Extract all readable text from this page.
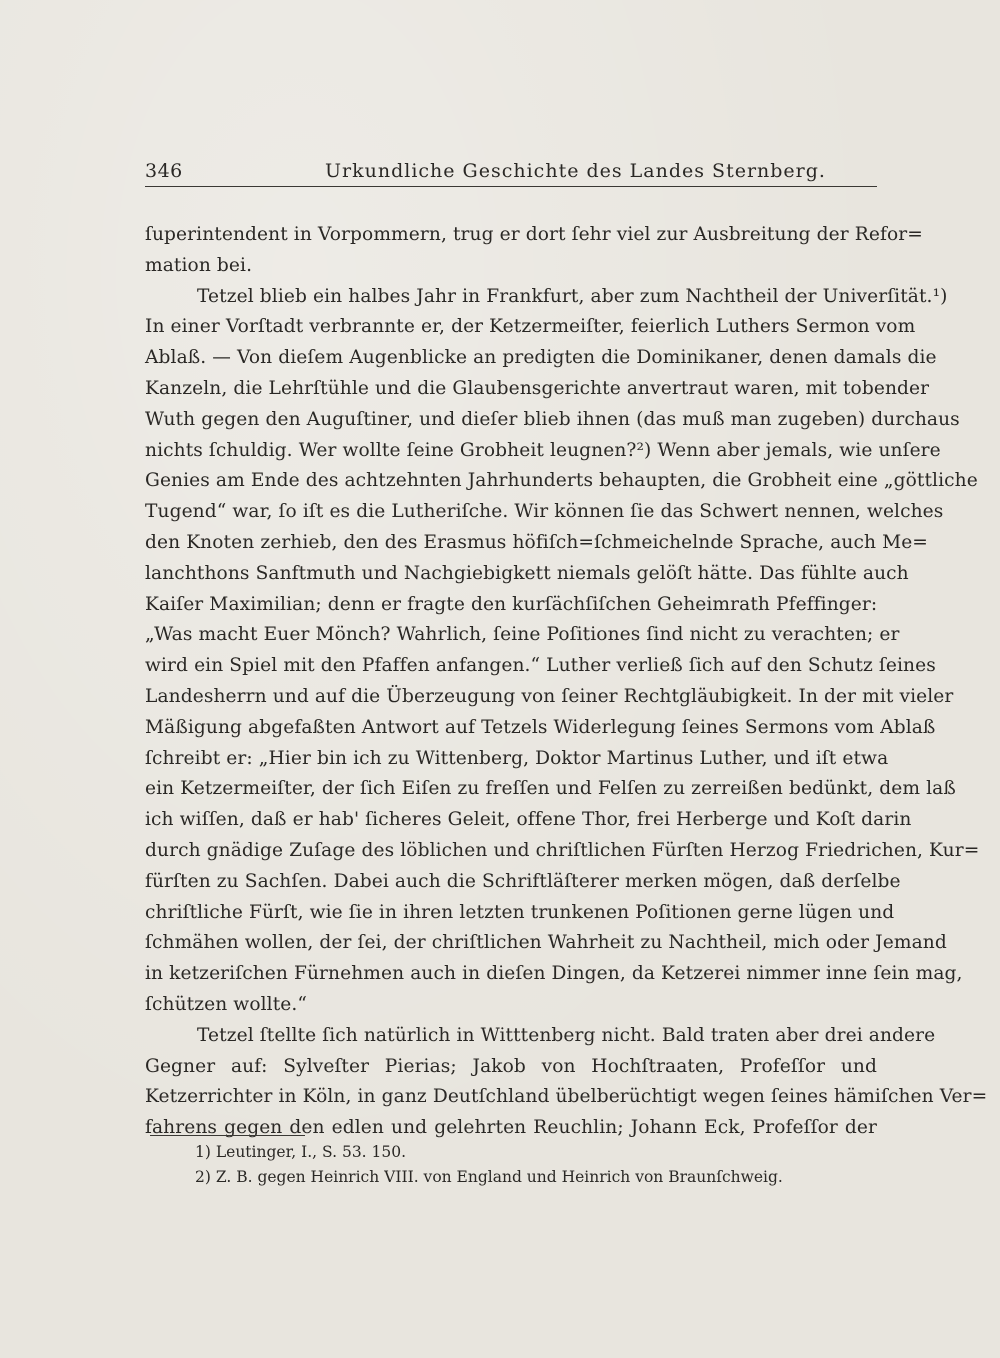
346	Urkundliche Geschichte des Landes Sternberg.
ſuperintendent in Vorpommern, trug er dort ſehr viel zur Ausbreitung der Refor=
mation bei.
Tetzel blieb ein halbes Jahr in Frankfurt, aber zum Nachtheil der Univerſität.¹)
In einer Vorſtadt verbrannte er, der Ketzermeiſter, feierlich Luthers Sermon vom
Ablaß. — Von dieſem Augenblicke an predigten die Dominikaner, denen damals die
Kanzeln, die Lehrſtühle und die Glaubensgerichte anvertraut waren, mit tobender
Wuth gegen den Auguſtiner, und dieſer blieb ihnen (das muß man zugeben) durchaus
nichts ſchuldig. Wer wollte ſeine Grobheit leugnen?²) Wenn aber jemals, wie unſere
Genies am Ende des achtzehnten Jahrhunderts behaupten, die Grobheit eine „göttliche
Tugend“ war, ſo iſt es die Lutheriſche. Wir können ſie das Schwert nennen, welches
den Knoten zerhieb, den des Erasmus höfiſch=ſchmeichelnde Sprache, auch Me=
lanchthons Sanftmuth und Nachgiebigkett niemals gelöſt hätte. Das fühlte auch
Kaiſer Maximilian; denn er fragte den kurſächſiſchen Geheimrath Pfeffinger:
„Was macht Euer Mönch? Wahrlich, ſeine Poſitiones ſind nicht zu verachten; er
wird ein Spiel mit den Pfaffen anfangen.“ Luther verließ ſich auf den Schutz ſeines
Landesherrn und auf die Überzeugung von ſeiner Rechtgläubigkeit. In der mit vieler
Mäßigung abgefaßten Antwort auf Tetzels Widerlegung ſeines Sermons vom Ablaß
ſchreibt er: „Hier bin ich zu Wittenberg, Doktor Martinus Luther, und iſt etwa
ein Ketzermeiſter, der ſich Eiſen zu freſſen und Felſen zu zerreißen bedünkt, dem laß
ich wiſſen, daß er hab' ſicheres Geleit, offene Thor, frei Herberge und Koſt darin
durch gnädige Zuſage des löblichen und chriſtlichen Fürſten Herzog Friedrichen, Kur=
fürſten zu Sachſen. Dabei auch die Schriftläſterer merken mögen, daß derſelbe
chriſtliche Fürſt, wie ſie in ihren letzten trunkenen Poſitionen gerne lügen und
ſchmähen wollen, der ſei, der chriſtlichen Wahrheit zu Nachtheil, mich oder Jemand
in ketzeriſchen Fürnehmen auch in dieſen Dingen, da Ketzerei nimmer inne ſein mag,
ſchützen wollte.“
Tetzel ſtellte ſich natürlich in Witttenberg nicht. Bald traten aber drei andere
Gegner auf: Sylveſter Pierias; Jakob von Hochſtraaten, Profeſſor und
Ketzerrichter in Köln, in ganz Deutſchland übelberüchtigt wegen ſeines hämiſchen Ver=
fahrens gegen den edlen und gelehrten Reuchlin; Johann Eck, Profeſſor der
1) Leutinger, I., S. 53. 150.
2) Z. B. gegen Heinrich VIII. von England und Heinrich von Braunſchweig.
